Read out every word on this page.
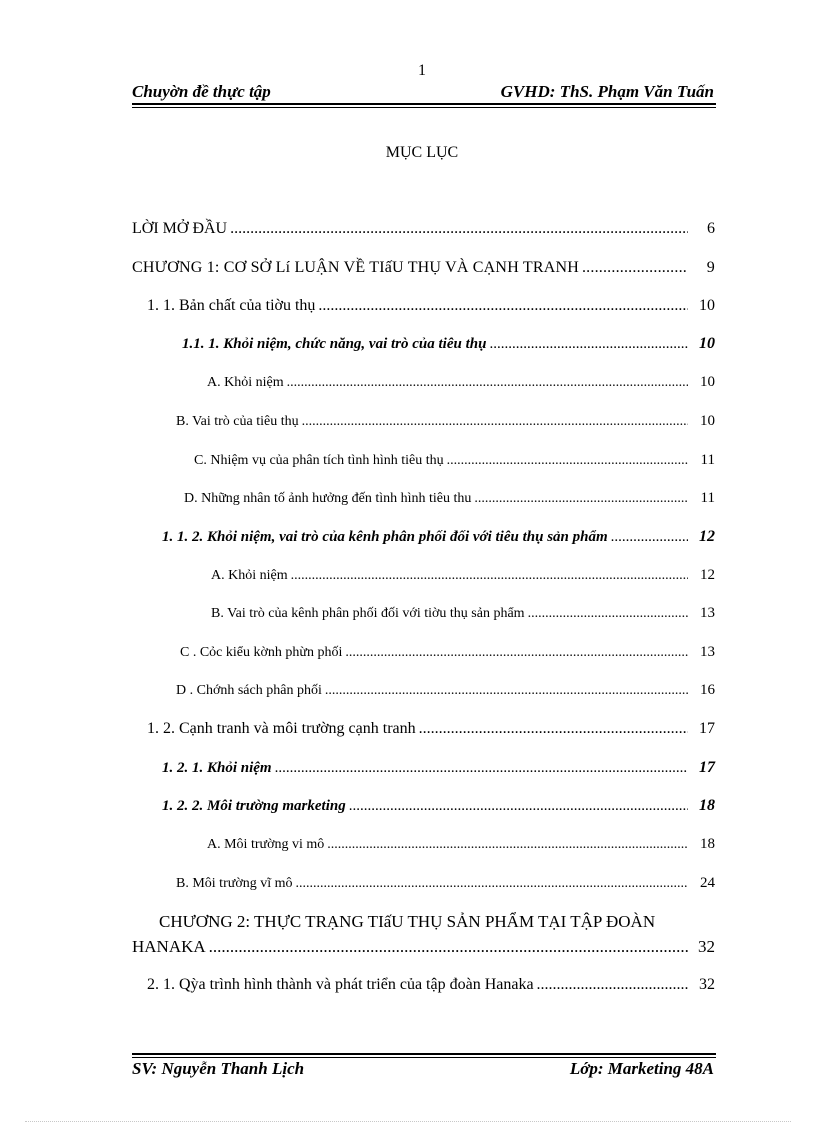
1
Chuyờn đề thực tập	GVHD: ThS. Phạm Văn Tuấn
MỤC LỤC
LỜI MỞ ĐẦU .....	6
CHƯƠNG 1: CƠ SỞ Lí LUẬN VỀ TIấU THỤ VÀ CẠNH TRANH .....	9
1. 1. Bản chất của tiờu thụ .....	10
1.1. 1. Khỏi niệm, chức năng, vai trò của tiêu thụ .....	10
A. Khỏi niệm .....	10
B. Vai trò của tiêu thụ .....	10
C. Nhiệm vụ của phân tích tình hình tiêu thụ .....	11
D. Những nhân tố ảnh hưởng đến tình hình tiêu thu .....	11
1. 1. 2. Khỏi niệm, vai trò của kênh phân phối đối với tiêu thụ sản phẩm .....	12
A. Khỏi niệm .....	12
B. Vai trò của kênh phân phối đối với tiờu thụ sản phẩm .....	13
C . Cỏc kiểu kờnh phừn phối .....	13
D . Chớnh sách phân phối .....	16
1. 2. Cạnh tranh và môi trường cạnh tranh .....	17
1. 2. 1. Khỏi niệm .....	17
1. 2. 2. Môi trường marketing .....	18
A. Môi trường vi mô .....	18
B. Môi trường vĩ mô .....	24
CHƯƠNG 2: THỰC TRẠNG TIấU THỤ SẢN PHẨM TẠI TẬP ĐOÀN
HANAKA .....	32
2. 1. Qỳa trình hình thành và phát triển của tập đoàn Hanaka .....	32
SV: Nguyễn Thanh Lịch	Lớp: Marketing 48A
